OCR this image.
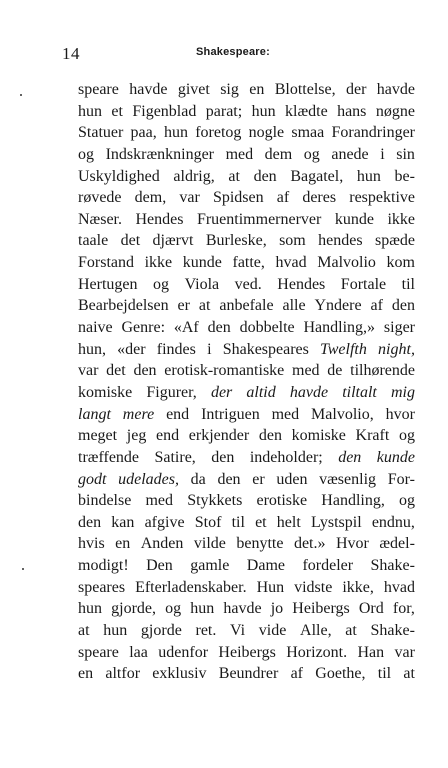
14	Shakespeare:
speare havde givet sig en Blottelse, der havde
hun et Figenblad parat; hun klædte hans nøgne
Statuer paa, hun foretog nogle smaa Forandringer
og Indskrænkninger med dem og anede i sin
Uskyldighed aldrig, at den Bagatel, hun be-
røvede dem, var Spidsen af deres respektive
Næser. Hendes Fruentimmernerver kunde ikke
taale det djærvt Burleske, som hendes spæde
Forstand ikke kunde fatte, hvad Malvolio kom
Hertugen og Viola ved. Hendes Fortale til
Bearbejdelsen er at anbefale alle Yndere af den
naive Genre: «Af den dobbelte Handling,» siger
hun, «der findes i Shakespeares Twelfth night,
var det den erotisk-romantiske med de tilhørende
komiske Figurer, der altid havde tiltalt mig
langt mere end Intriguen med Malvolio, hvor
meget jeg end erkjender den komiske Kraft og
træffende Satire, den indeholder; den kunde
godt udelades, da den er uden væsenlig For-
bindelse med Stykkets erotiske Handling, og
den kan afgive Stof til et helt Lystspil endnu,
hvis en Anden vilde benytte det.» Hvor ædel-
modigt! Den gamle Dame fordeler Shake-
speares Efterladenskaber. Hun vidste ikke, hvad
hun gjorde, og hun havde jo Heibergs Ord for,
at hun gjorde ret. Vi vide Alle, at Shake-
speare laa udenfor Heibergs Horizont. Han var
en altfor exklusiv Beundrer af Goethe, til at
